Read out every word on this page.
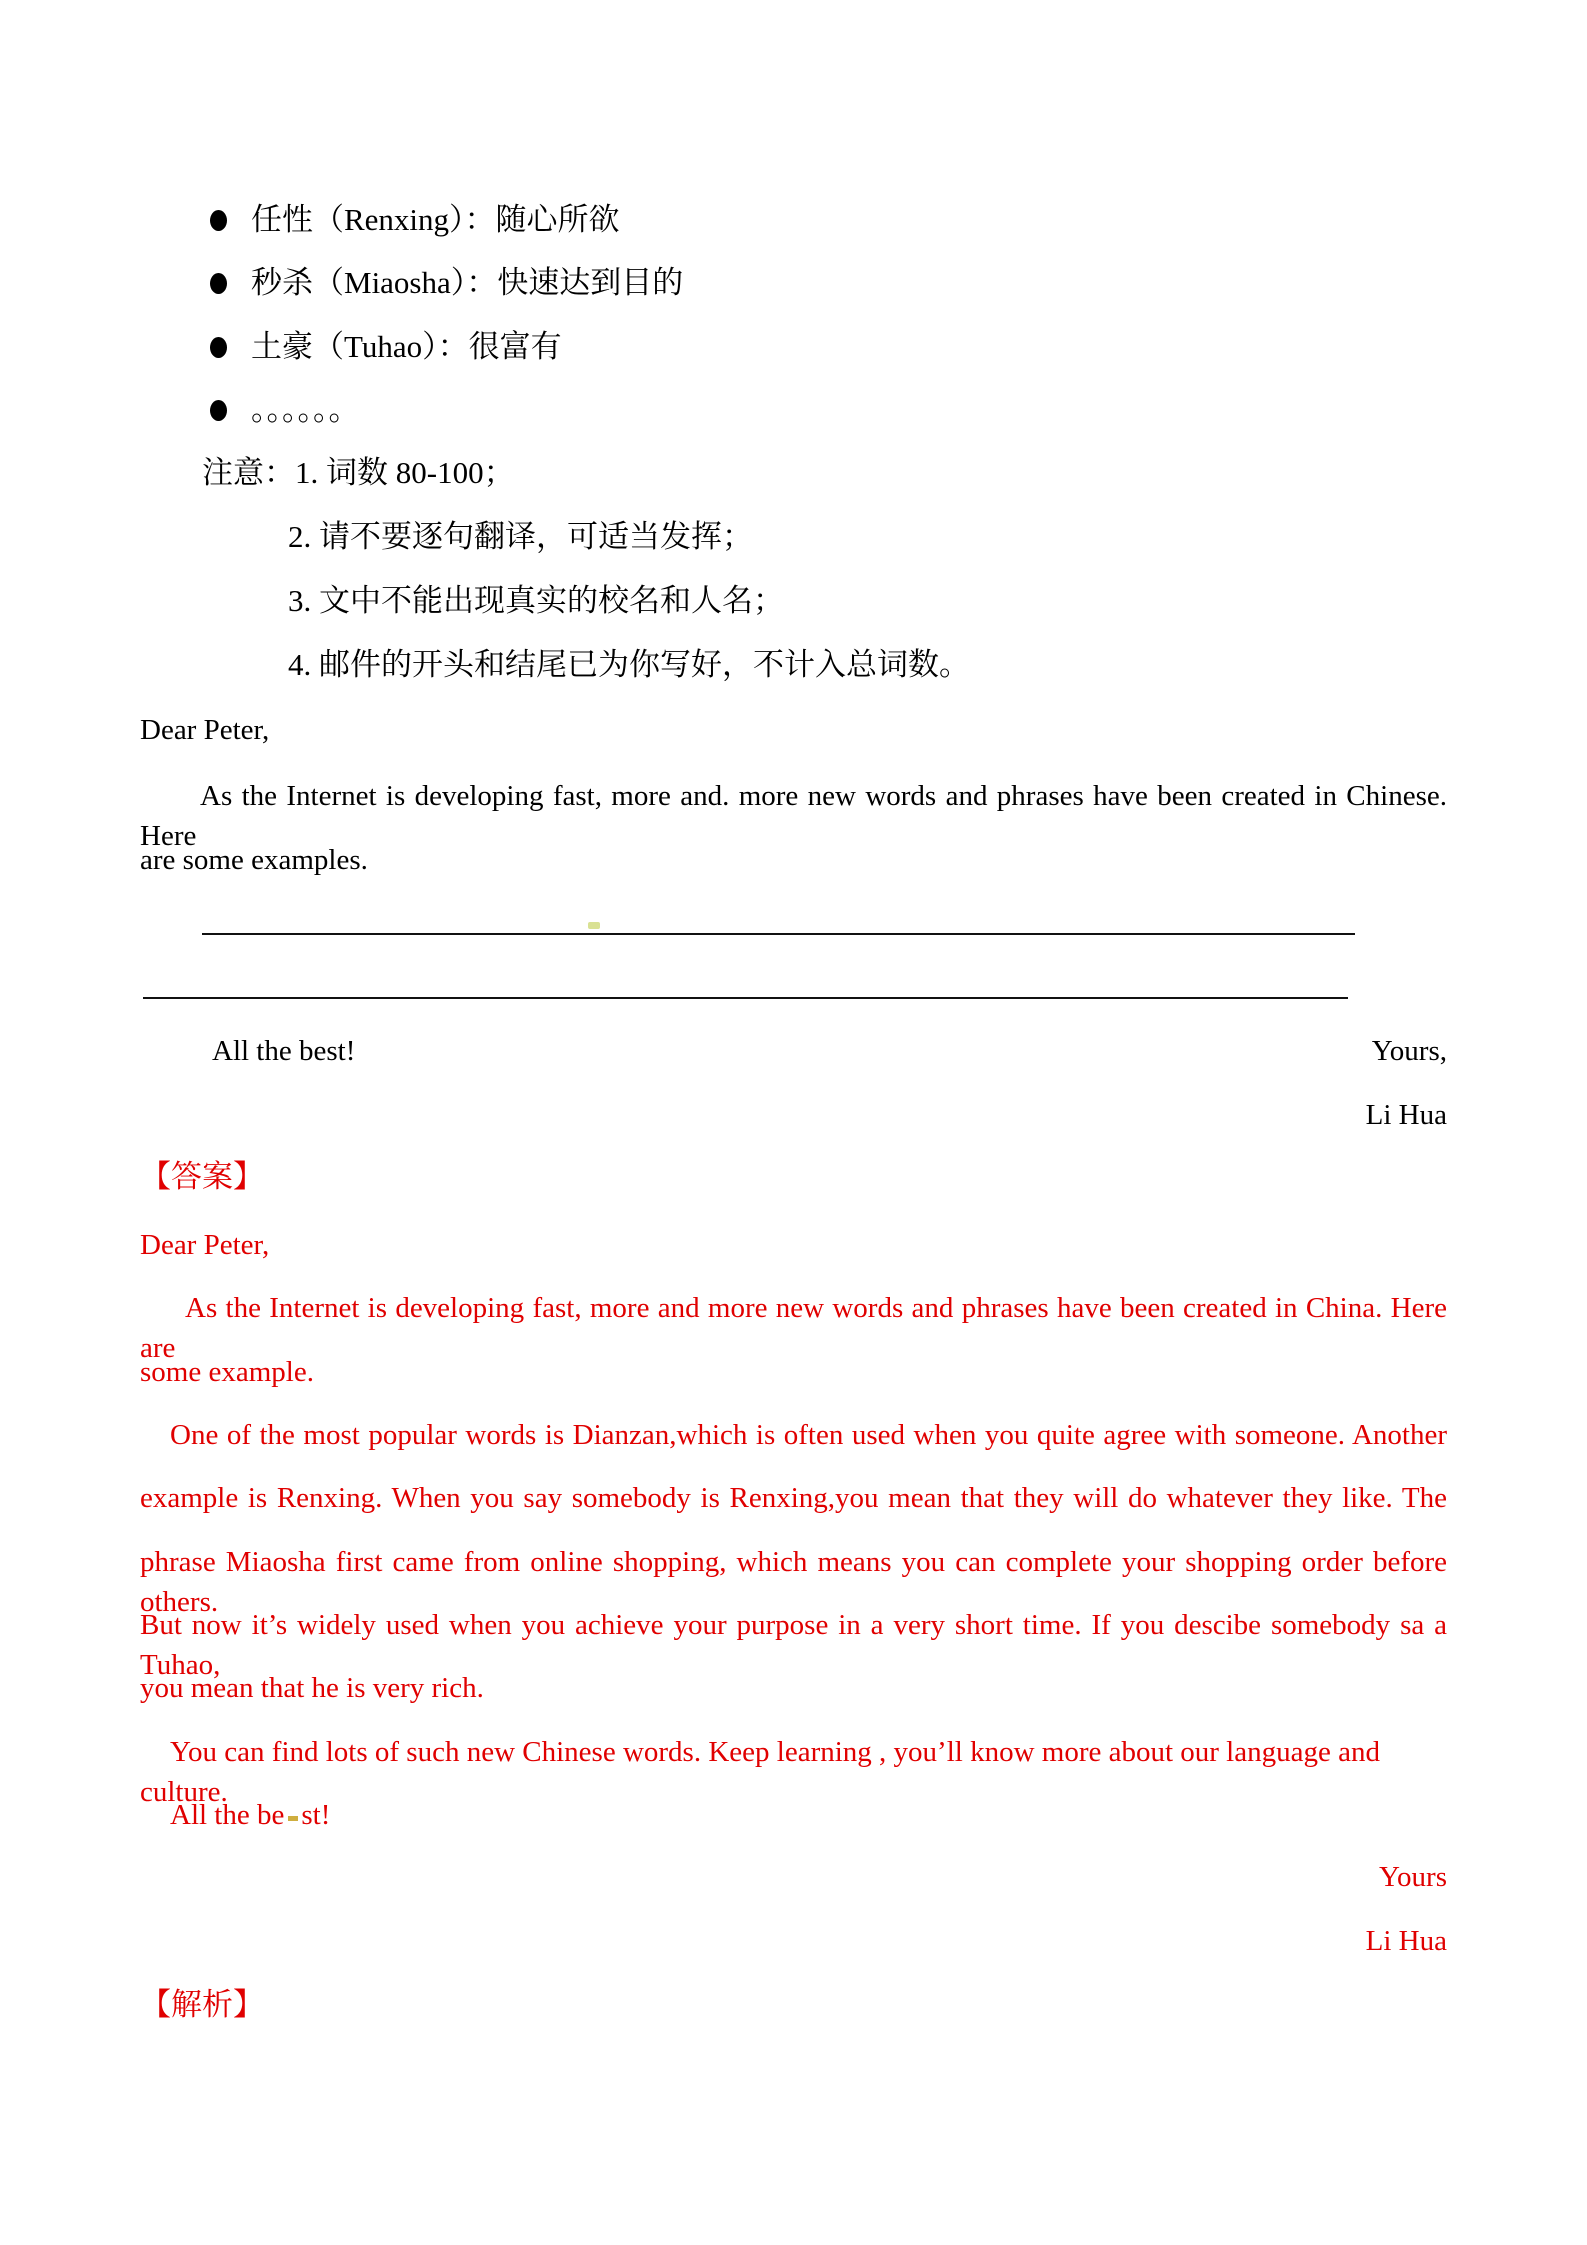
任性（Renxing）：随心所欲
秒杀（Miaosha）：快速达到目的
土豪（Tuhao）：很富有
。。。。。。
注意：1. 词数 80-100；
2. 请不要逐句翻译，可适当发挥；
3. 文中不能出现真实的校名和人名；
4. 邮件的开头和结尾已为你写好，不计入总词数。
Dear Peter,
As the Internet is developing fast, more and. more new words and phrases have been created in Chinese. Here
are some examples.
All the best!	Yours,
Li Hua
【答案】
Dear Peter,
As the Internet is developing fast, more and more new words and phrases have been created in China. Here are
some example.
One of the most popular words is Dianzan,which is often used when you quite agree with someone. Another
example is Renxing. When you say somebody is Renxing,you mean that they will do whatever they like. The
phrase Miaosha first came from online shopping, which means you can complete your shopping order before others.
But now it’s widely used when you achieve your purpose in a very short time. If you descibe somebody sa a Tuhao,
you mean that he is very rich.
You can find lots of such new Chinese words. Keep learning , you’ll know more about our language and culture.
All the be st!
Yours
Li Hua
【解析】
